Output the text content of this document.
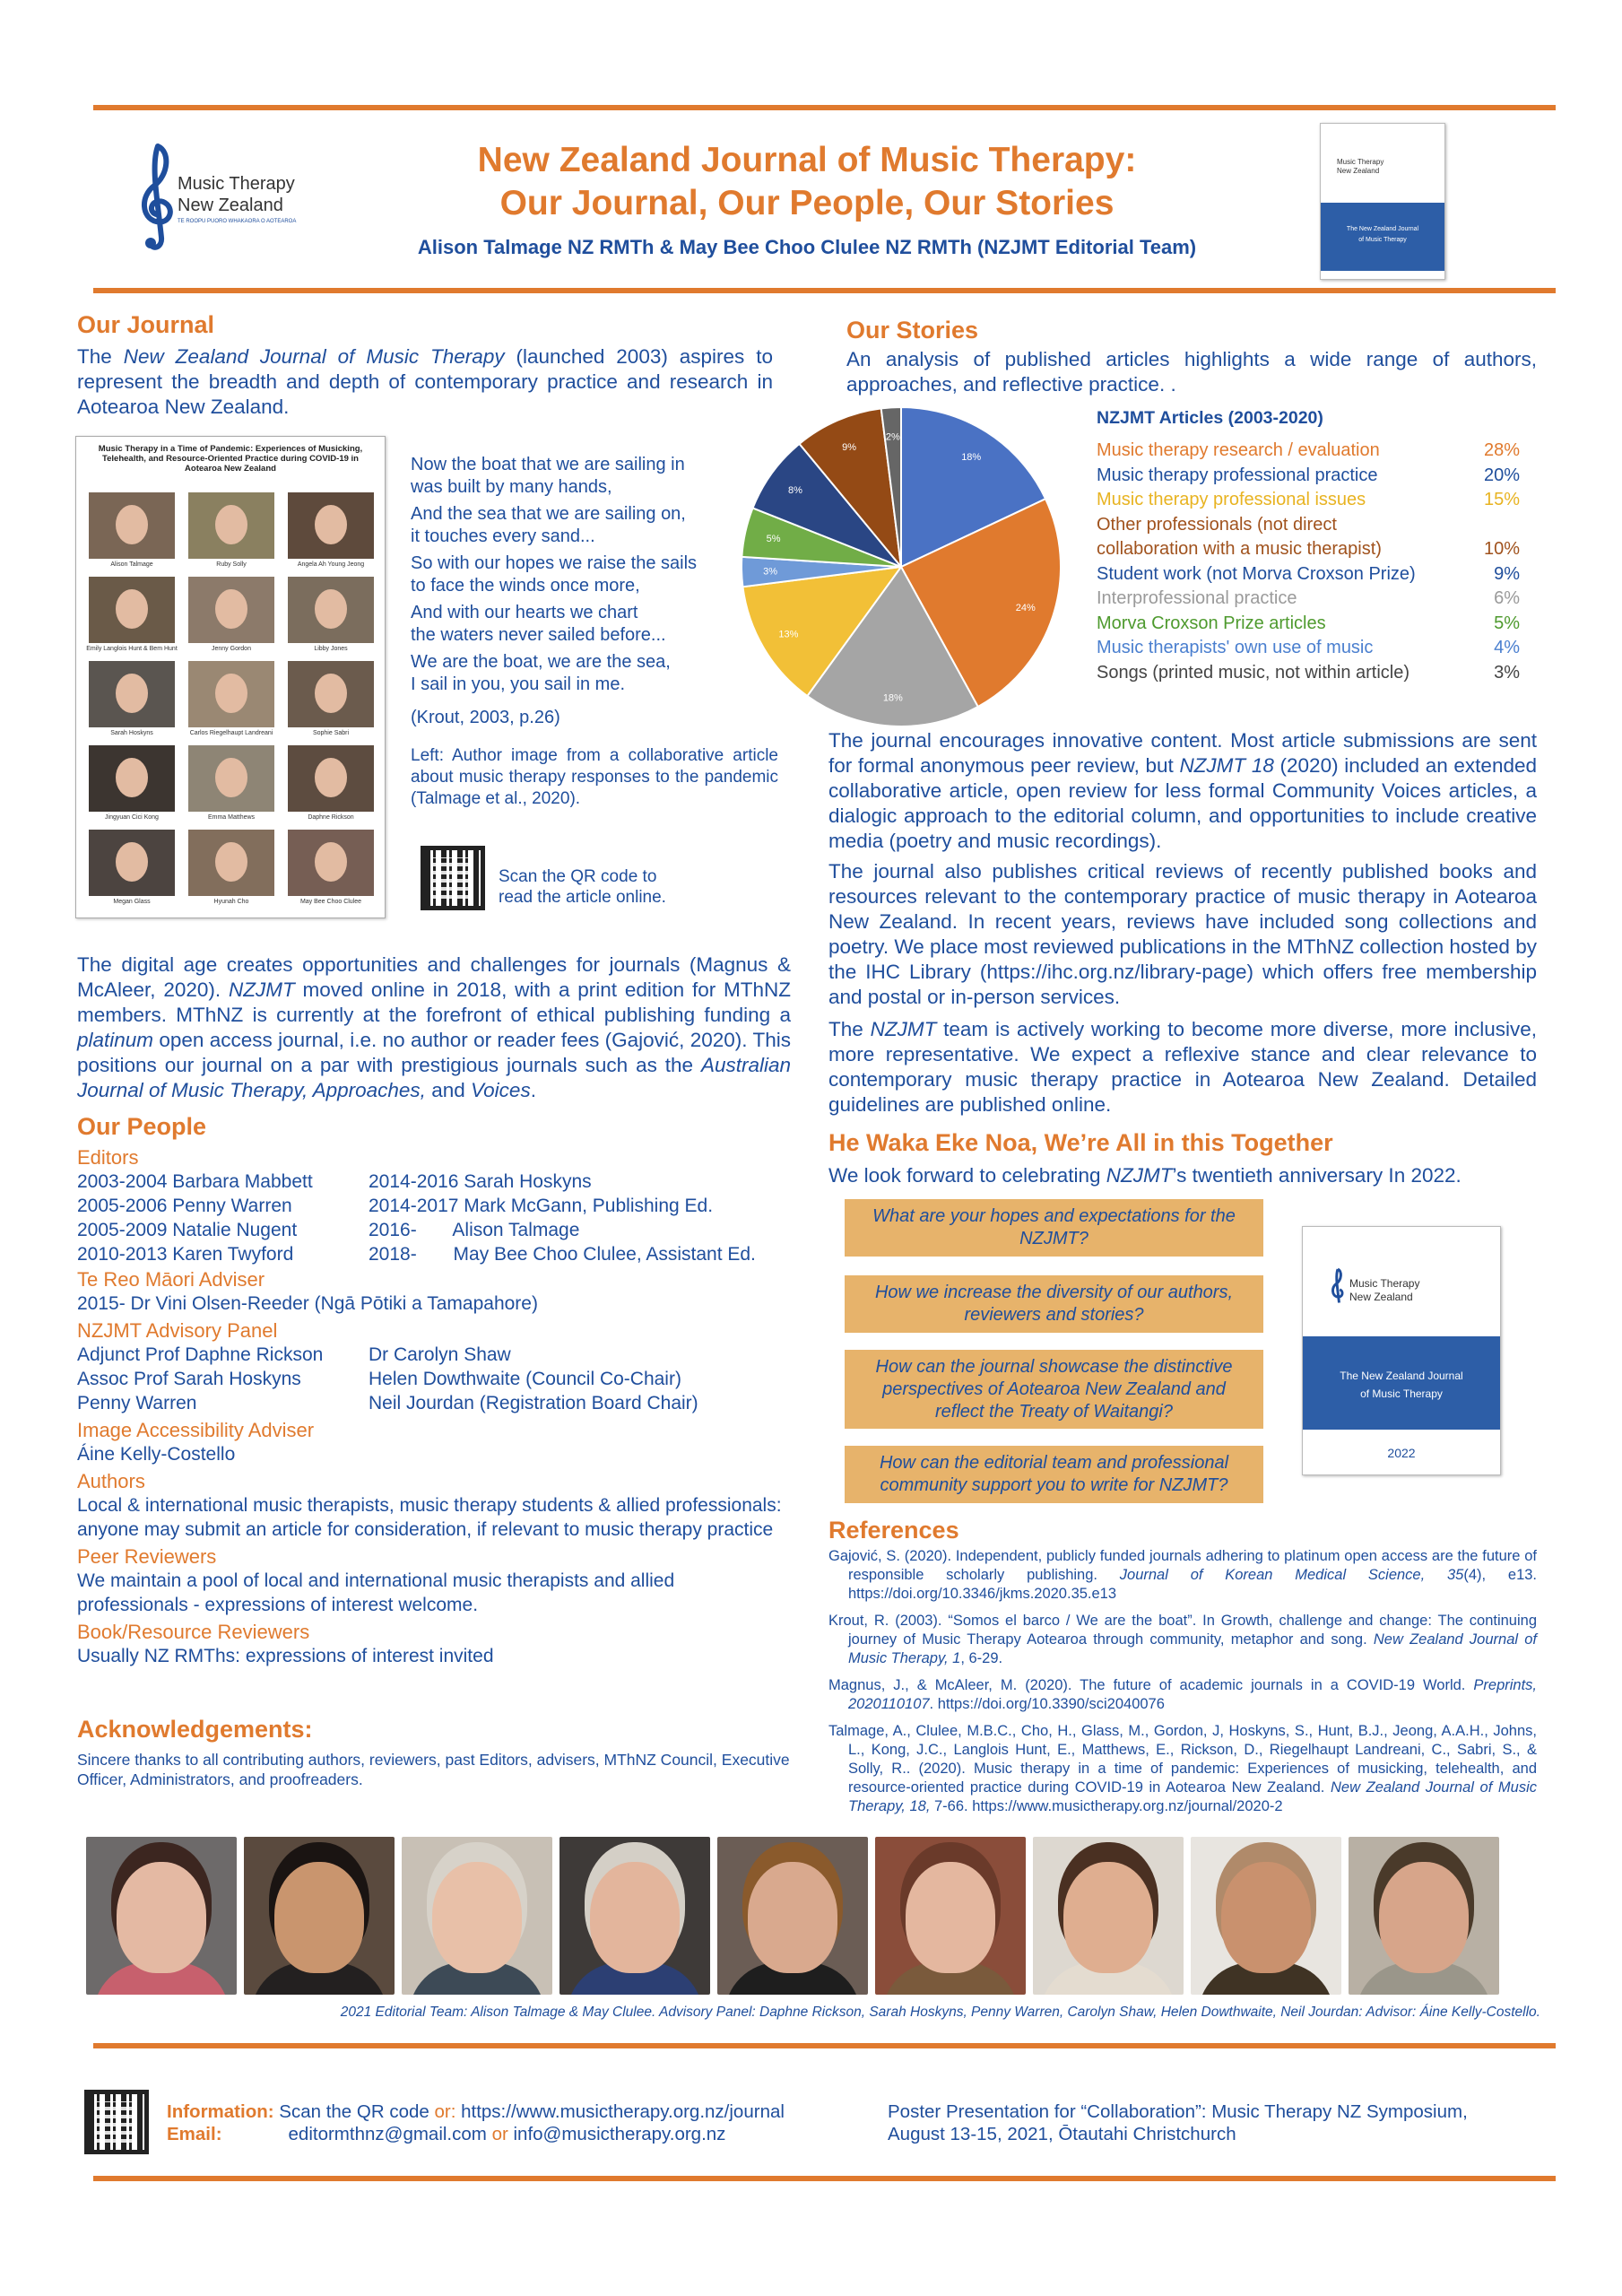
Music Therapy
New Zealand
TE ROOPU PUORO WHAKAORA O AOTEAROA
New Zealand Journal of Music Therapy:
Our Journal, Our People, Our Stories
Alison Talmage NZ RMTh & May Bee Choo Clulee NZ RMTh (NZJMT Editorial Team)
Music Therapy
New Zealand
The New Zealand Journal
of Music Therapy
Our Journal
The New Zealand Journal of Music Therapy (launched 2003) aspires to represent the breadth and depth of contemporary practice and research in Aotearoa New Zealand.
Music Therapy in a Time of Pandemic: Experiences of Musicking, Telehealth, and Resource-Oriented Practice during COVID-19 in Aotearoa New Zealand
Alison Talmage	Ruby Solly	Angela Ah Young Jeong
Emily Langlois Hunt & Bem Hunt	Jenny Gordon	Libby Jones
Sarah Hoskyns	Carlos Riegelhaupt Landreani	Sophie Sabri
Jingyuan Cici Kong	Emma Matthews	Daphne Rickson
Megan Glass	Hyunah Cho	May Bee Choo Clulee
Now the boat that we are sailing in
was built by many hands,
And the sea that we are sailing on,
it touches every sand...
So with our hopes we raise the sails
to face the winds once more,
And with our hearts we chart
the waters never sailed before...
We are the boat, we are the sea,
I sail in you, you sail in me.
(Krout, 2003, p.26)
Left: Author image from a collaborative article about music therapy responses to the pandemic (Talmage et al., 2020).
Scan the QR code to
read the article online.
The digital age creates opportunities and challenges for journals (Magnus & McAleer, 2020). NZJMT moved online in 2018, with a print edition for MThNZ members. MThNZ is currently at the forefront of ethical publishing funding a platinum open access journal, i.e. no author or reader fees (Gajović, 2020). This positions our journal on a par with prestigious journals such as the Australian Journal of Music Therapy, Approaches, and Voices.
Our People
Editors
2003-2004 Barbara Mabbett	2014-2016 Sarah Hoskyns
2005-2006 Penny Warren	2014-2017 Mark McGann, Publishing Ed.
2005-2009 Natalie Nugent	2016-       Alison Talmage
2010-2013 Karen Twyford	2018-       May Bee Choo Clulee, Assistant Ed.
Te Reo Māori Adviser
2015- Dr Vini Olsen-Reeder (Ngā Pōtiki a Tamapahore)
NZJMT Advisory Panel
Adjunct Prof Daphne Rickson	Dr Carolyn Shaw
Assoc Prof Sarah Hoskyns	Helen Dowthwaite (Council Co-Chair)
Penny Warren	Neil Jourdan (Registration Board Chair)
Image Accessibility Adviser
Áine Kelly-Costello
Authors
Local & international music therapists, music therapy students & allied professionals: anyone may submit an article for consideration, if relevant to music therapy practice
Peer Reviewers
We maintain a pool of local and international music therapists and allied professionals - expressions of interest welcome.
Book/Resource Reviewers
Usually NZ RMThs: expressions of interest invited
Acknowledgements:
Sincere thanks to all contributing authors, reviewers, past Editors, advisers, MThNZ Council, Executive Officer, Administrators, and proofreaders.
Our Stories
An analysis of published articles highlights a wide range of authors, approaches, and reflective practice. .
18%
24%
18%
13%
3%
5%
8%
9%
2%
NZJMT Articles (2003-2020)
Music therapy research / evaluation	28%
Music therapy professional practice	20%
Music therapy professional issues	15%
Other professionals (not direct
collaboration with a music therapist)	10%
Student work (not Morva Croxson Prize)	9%
Interprofessional practice	6%
Morva Croxson Prize articles	5%
Music therapists' own use of music	4%
Songs (printed music, not within article)	3%
The journal encourages innovative content. Most article submissions are sent for formal anonymous peer review, but NZJMT 18 (2020) included an extended collaborative article, open review for less formal Community Voices articles, a dialogic approach to the editorial column, and opportunities to include creative media (poetry and music recordings).
The journal also publishes critical reviews of recently published books and resources relevant to the contemporary practice of music therapy in Aotearoa New Zealand. In recent years, reviews have included song collections and poetry. We place most reviewed publications in the MThNZ collection hosted by the IHC Library (https://ihc.org.nz/library-page) which offers free membership and postal or in-person services.
The NZJMT team is actively working to become more diverse, more inclusive, more representative. We expect a reflexive stance and clear relevance to contemporary music therapy practice in Aotearoa New Zealand. Detailed guidelines are published online.
He Waka Eke Noa, We’re All in this Together
We look forward to celebrating NZJMT’s twentieth anniversary In 2022.
What are your hopes and expectations for the NZJMT?
How we increase the diversity of our authors, reviewers and stories?
How can the journal showcase the distinctive perspectives of Aotearoa New Zealand and reflect the Treaty of Waitangi?
How can the editorial team and professional community support you to write for NZJMT?
Music Therapy
New Zealand
The New Zealand Journal
of Music Therapy
2022
References
Gajović, S. (2020). Independent, publicly funded journals adhering to platinum open access are the future of responsible scholarly publishing. Journal of Korean Medical Science, 35(4), e13. https://doi.org/10.3346/jkms.2020.35.e13
Krout, R. (2003). “Somos el barco / We are the boat”. In Growth, challenge and change: The continuing journey of Music Therapy Aotearoa through community, metaphor and song. New Zealand Journal of Music Therapy, 1, 6-29.
Magnus, J., & McAleer, M. (2020). The future of academic journals in a COVID-19 World. Preprints, 2020110107. https://doi.org/10.3390/sci2040076
Talmage, A., Clulee, M.B.C., Cho, H., Glass, M., Gordon, J, Hoskyns, S., Hunt, B.J., Jeong, A.A.H., Johns, L., Kong, J.C., Langlois Hunt, E., Matthews, E., Rickson, D., Riegelhaupt Landreani, C., Sabri, S., & Solly, R.. (2020). Music therapy in a time of pandemic: Experiences of musicking, telehealth, and resource-oriented practice during COVID-19 in Aotearoa New Zealand. New Zealand Journal of Music Therapy, 18, 7-66. https://www.musictherapy.org.nz/journal/2020-2
2021 Editorial Team: Alison Talmage & May Clulee. Advisory Panel: Daphne Rickson, Sarah Hoskyns, Penny Warren, Carolyn Shaw, Helen Dowthwaite, Neil Jourdan: Advisor: Áine Kelly-Costello.
Information: Scan the QR code or: https://www.musictherapy.org.nz/journal
Email:	editormthnz@gmail.com or info@musictherapy.org.nz
Poster Presentation for “Collaboration”: Music Therapy NZ Symposium,
August 13-15, 2021, Ōtautahi Christchurch
